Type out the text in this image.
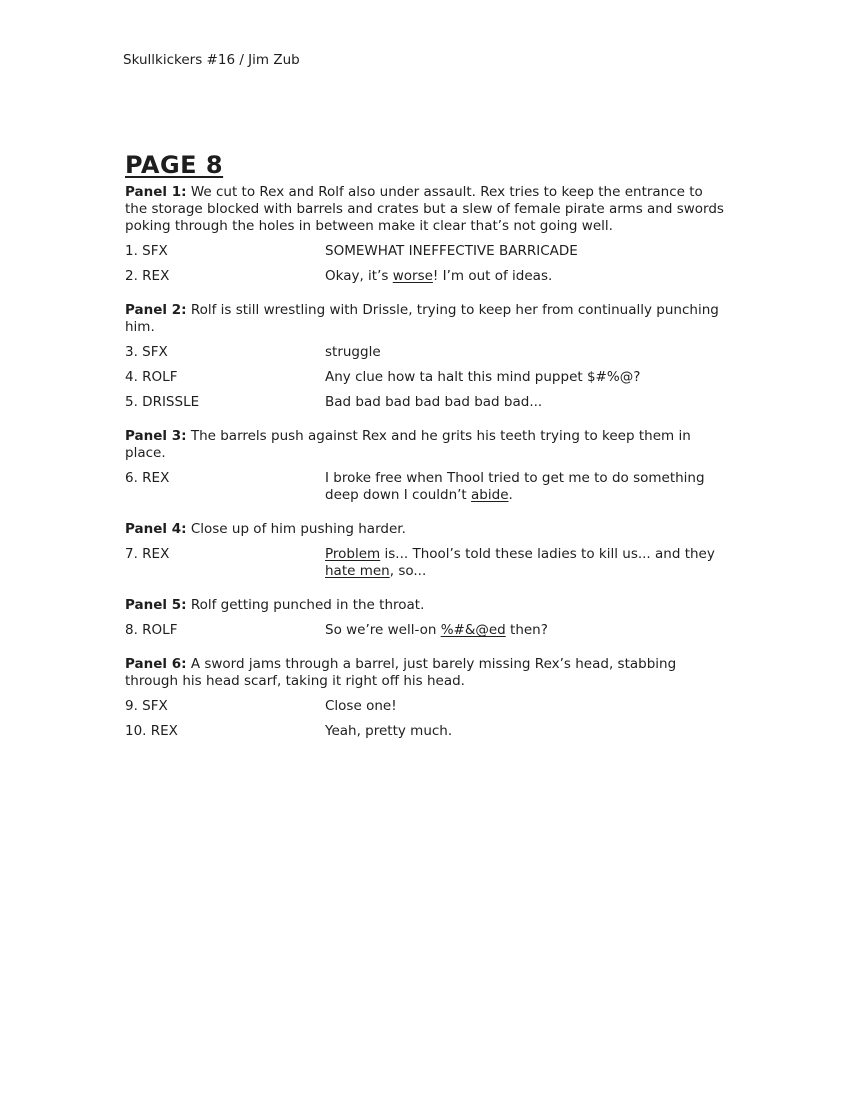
Skullkickers #16 / Jim Zub

PAGE 8

Panel 1: We cut to Rex and Rolf also under assault. Rex tries to keep the entrance to the storage blocked with barrels and crates but a slew of female pirate arms and swords poking through the holes in between make it clear that’s not going well.

1. SFX	SOMEWHAT INEFFECTIVE BARRICADE
2. REX	Okay, it’s worse! I’m out of ideas.

Panel 2: Rolf is still wrestling with Drissle, trying to keep her from continually punching him.

3. SFX	struggle
4. ROLF	Any clue how ta halt this mind puppet $#%@?
5. DRISSLE	Bad bad bad bad bad bad bad...

Panel 3: The barrels push against Rex and he grits his teeth trying to keep them in place.

6. REX	I broke free when Thool tried to get me to do something deep down I couldn’t abide.

Panel 4: Close up of him pushing harder.

7. REX	Problem is... Thool’s told these ladies to kill us... and they hate men, so...

Panel 5: Rolf getting punched in the throat.

8. ROLF	So we’re well-on %#&@ed then?

Panel 6: A sword jams through a barrel, just barely missing Rex’s head, stabbing through his head scarf, taking it right off his head.

9. SFX	Close one!
10. REX	Yeah, pretty much.
